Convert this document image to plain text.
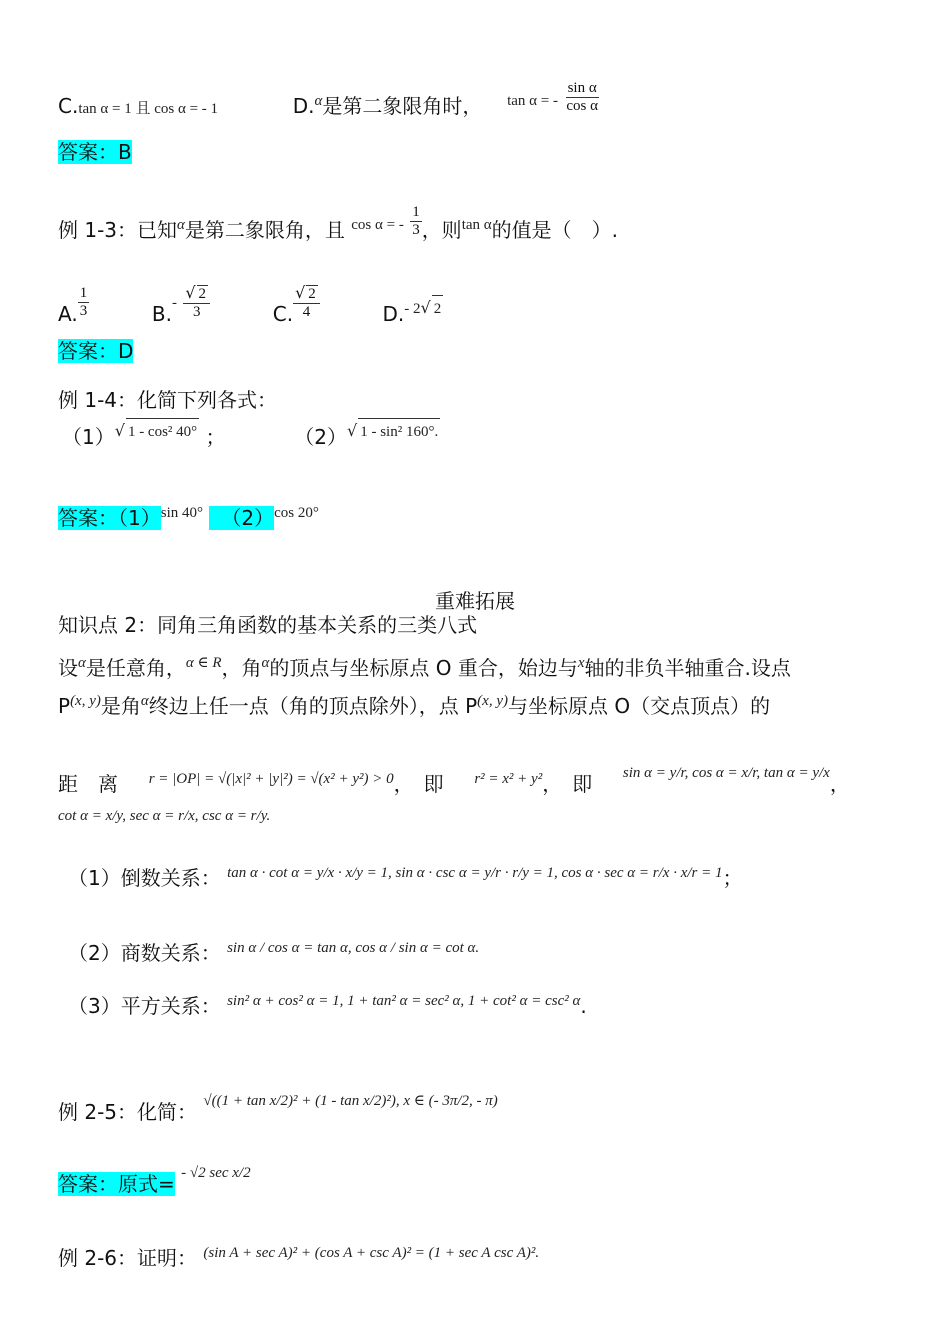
C.tan α = 1 且 cos α = - 1	D.$^\alpha$是第二象限角时， $^{tan \alpha = -} \frac{\text{sin α}}{\text{cos α}}$
答案：B
例 1-3：已知$^\alpha$是第二象限角，且 $^{cos \alpha = -} \frac{1}{3}$ ，则$^{tan \alpha}$的值是（　）.
A. $\frac{1}{3}$	$B.^- \frac{√ 2}{3}$	C. $\frac{√ 2}{4}$	D.$^{- 2√ 2}$
答案：D
例 1-4：化简下列各式：
$(1)^{√ 1 - cos^2 40^\circ}$ ；	$(2)^{√ 1 - sin^2 160^\circ.}$
答案：$(1)^{sin 40^\circ}$ $(2)^{cos 20^\circ}$
重难拓展
知识点 2：同角三角函数的基本关系的三类八式
设$^\alpha$是任意角，$^{\alpha \in R}$，角$^\alpha$的顶点与坐标原点 O 重合，始边与$^x$轴的非负半轴重合.设点
P$^{(x, y)}$是角$^\alpha$终边上任一点（角的顶点除外），点 P$^{(x, y)}$与坐标原点 O（交点顶点）的
距　离 $^{r = |OP| = √(|x|^2 + |y|^2) = √(x^2 + y^2) > 0}$，　即 $^{r^2 = x^2 + y^2}$，　即 $^{sin \alpha = y/r, cos \alpha = x/r, tan \alpha = y/x}$，
cot α = x/y, sec α = r/x, csc α = r/y.
（1）倒数关系： $^{tan \alpha \cdot cot \alpha = y/x \cdot x/y = 1, sin \alpha \cdot csc \alpha = y/r \cdot r/y = 1, cos \alpha \cdot sec \alpha = r/x \cdot x/r = 1}$；
（2）商数关系： $^{sin \alpha / cos \alpha = tan \alpha, cos \alpha / sin \alpha = cot \alpha.}$
（3）平方关系： $^{sin^2 \alpha + cos^2 \alpha = 1, 1 + tan^2 \alpha = sec^2 \alpha, 1 + cot^2 \alpha = csc^2 \alpha}$.
例 2-5：化简： $^{√((1 + tan x/2)^2 + (1 - tan x/2)^2), x \in (- 3\pi/2, - \pi)}$
答案：原式= $^{- √2 sec x/2}$
例 2-6：证明： $^{(sin A + sec A)^2 + (cos A + csc A)^2 = (1 + sec A csc A)^2.}$
